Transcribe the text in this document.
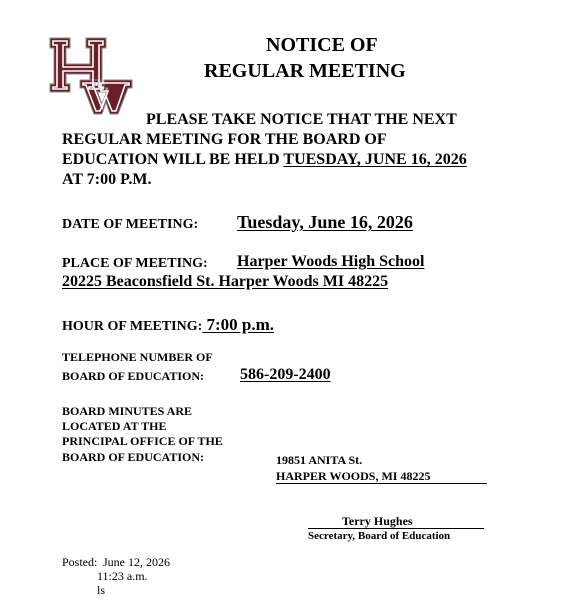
NOTICE OF
REGULAR MEETING
PLEASE TAKE NOTICE THAT THE NEXT
REGULAR MEETING FOR THE BOARD OF
EDUCATION WILL BE HELD TUESDAY, JUNE 16, 2026
AT 7:00 P.M.
DATE OF MEETING: Tuesday, June 16, 2026
PLACE OF MEETING: Harper Woods High School
20225 Beaconsfield St. Harper Woods MI 48225
HOUR OF MEETING: 7:00 p.m.
TELEPHONE NUMBER OF
BOARD OF EDUCATION: 586-209-2400
BOARD MINUTES ARE
LOCATED AT THE
PRINCIPAL OFFICE OF THE
BOARD OF EDUCATION:	19851 ANITA St.
HARPER WOODS, MI 48225
Terry Hughes
Secretary, Board of Education
Posted: June 12, 2026
11:23 a.m.
ls
